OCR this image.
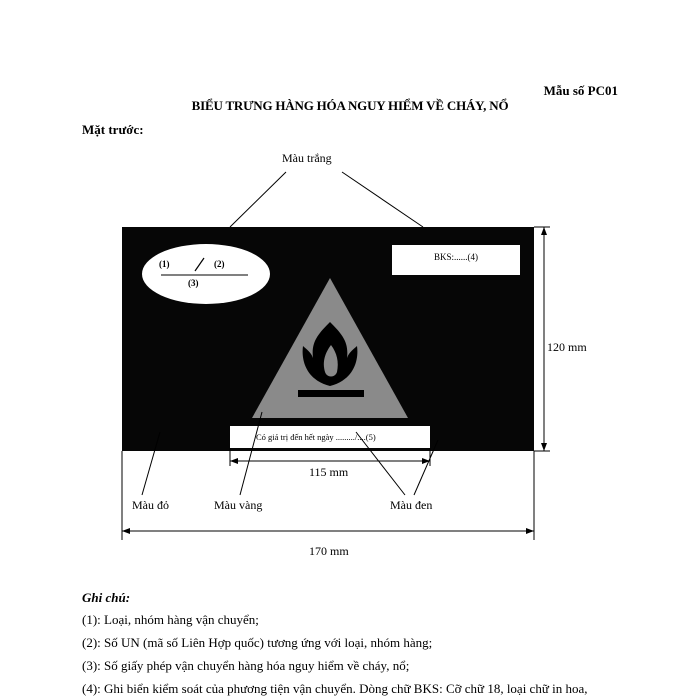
Mẫu số PC01
BIỂU TRƯNG HÀNG HÓA NGUY HIỂM VỀ CHÁY, NỔ
Mặt trước:
Màu trắng
(1)	(2)
(3)
BKS:......(4)
Có giá trị đến hết ngày ........./....(5)
120 mm
115 mm
170 mm
Màu đỏ	Màu vàng	Màu đen
Ghi chú:
(1): Loại, nhóm hàng vận chuyển;
(2): Số UN (mã số Liên Hợp quốc) tương ứng với loại, nhóm hàng;
(3): Số giấy phép vận chuyển hàng hóa nguy hiểm về cháy, nổ;
(4): Ghi biển kiểm soát của phương tiện vận chuyển. Dòng chữ BKS: Cỡ chữ 18, loại chữ in hoa,
